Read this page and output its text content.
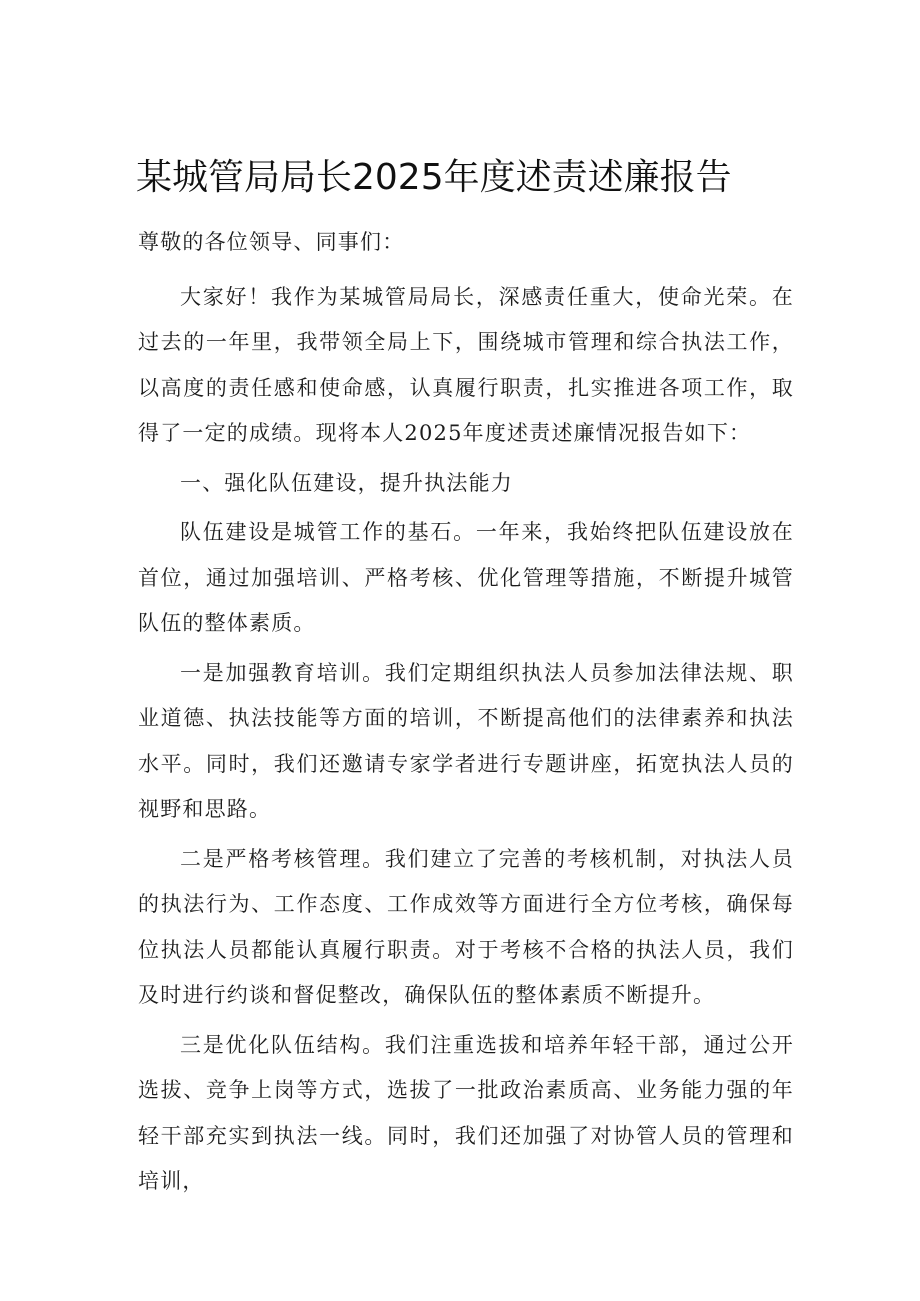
某城管局局长2025年度述责述廉报告

尊敬的各位领导、同事们：

大家好！我作为某城管局局长，深感责任重大，使命光荣。在过去的一年里，我带领全局上下，围绕城市管理和综合执法工作，以高度的责任感和使命感，认真履行职责，扎实推进各项工作，取得了一定的成绩。现将本人2025年度述责述廉情况报告如下：

一、强化队伍建设，提升执法能力

队伍建设是城管工作的基石。一年来，我始终把队伍建设放在首位，通过加强培训、严格考核、优化管理等措施，不断提升城管队伍的整体素质。

一是加强教育培训。我们定期组织执法人员参加法律法规、职业道德、执法技能等方面的培训，不断提高他们的法律素养和执法水平。同时，我们还邀请专家学者进行专题讲座，拓宽执法人员的视野和思路。

二是严格考核管理。我们建立了完善的考核机制，对执法人员的执法行为、工作态度、工作成效等方面进行全方位考核，确保每位执法人员都能认真履行职责。对于考核不合格的执法人员，我们及时进行约谈和督促整改，确保队伍的整体素质不断提升。

三是优化队伍结构。我们注重选拔和培养年轻干部，通过公开选拔、竞争上岗等方式，选拔了一批政治素质高、业务能力强的年轻干部充实到执法一线。同时，我们还加强了对协管人员的管理和培训，
